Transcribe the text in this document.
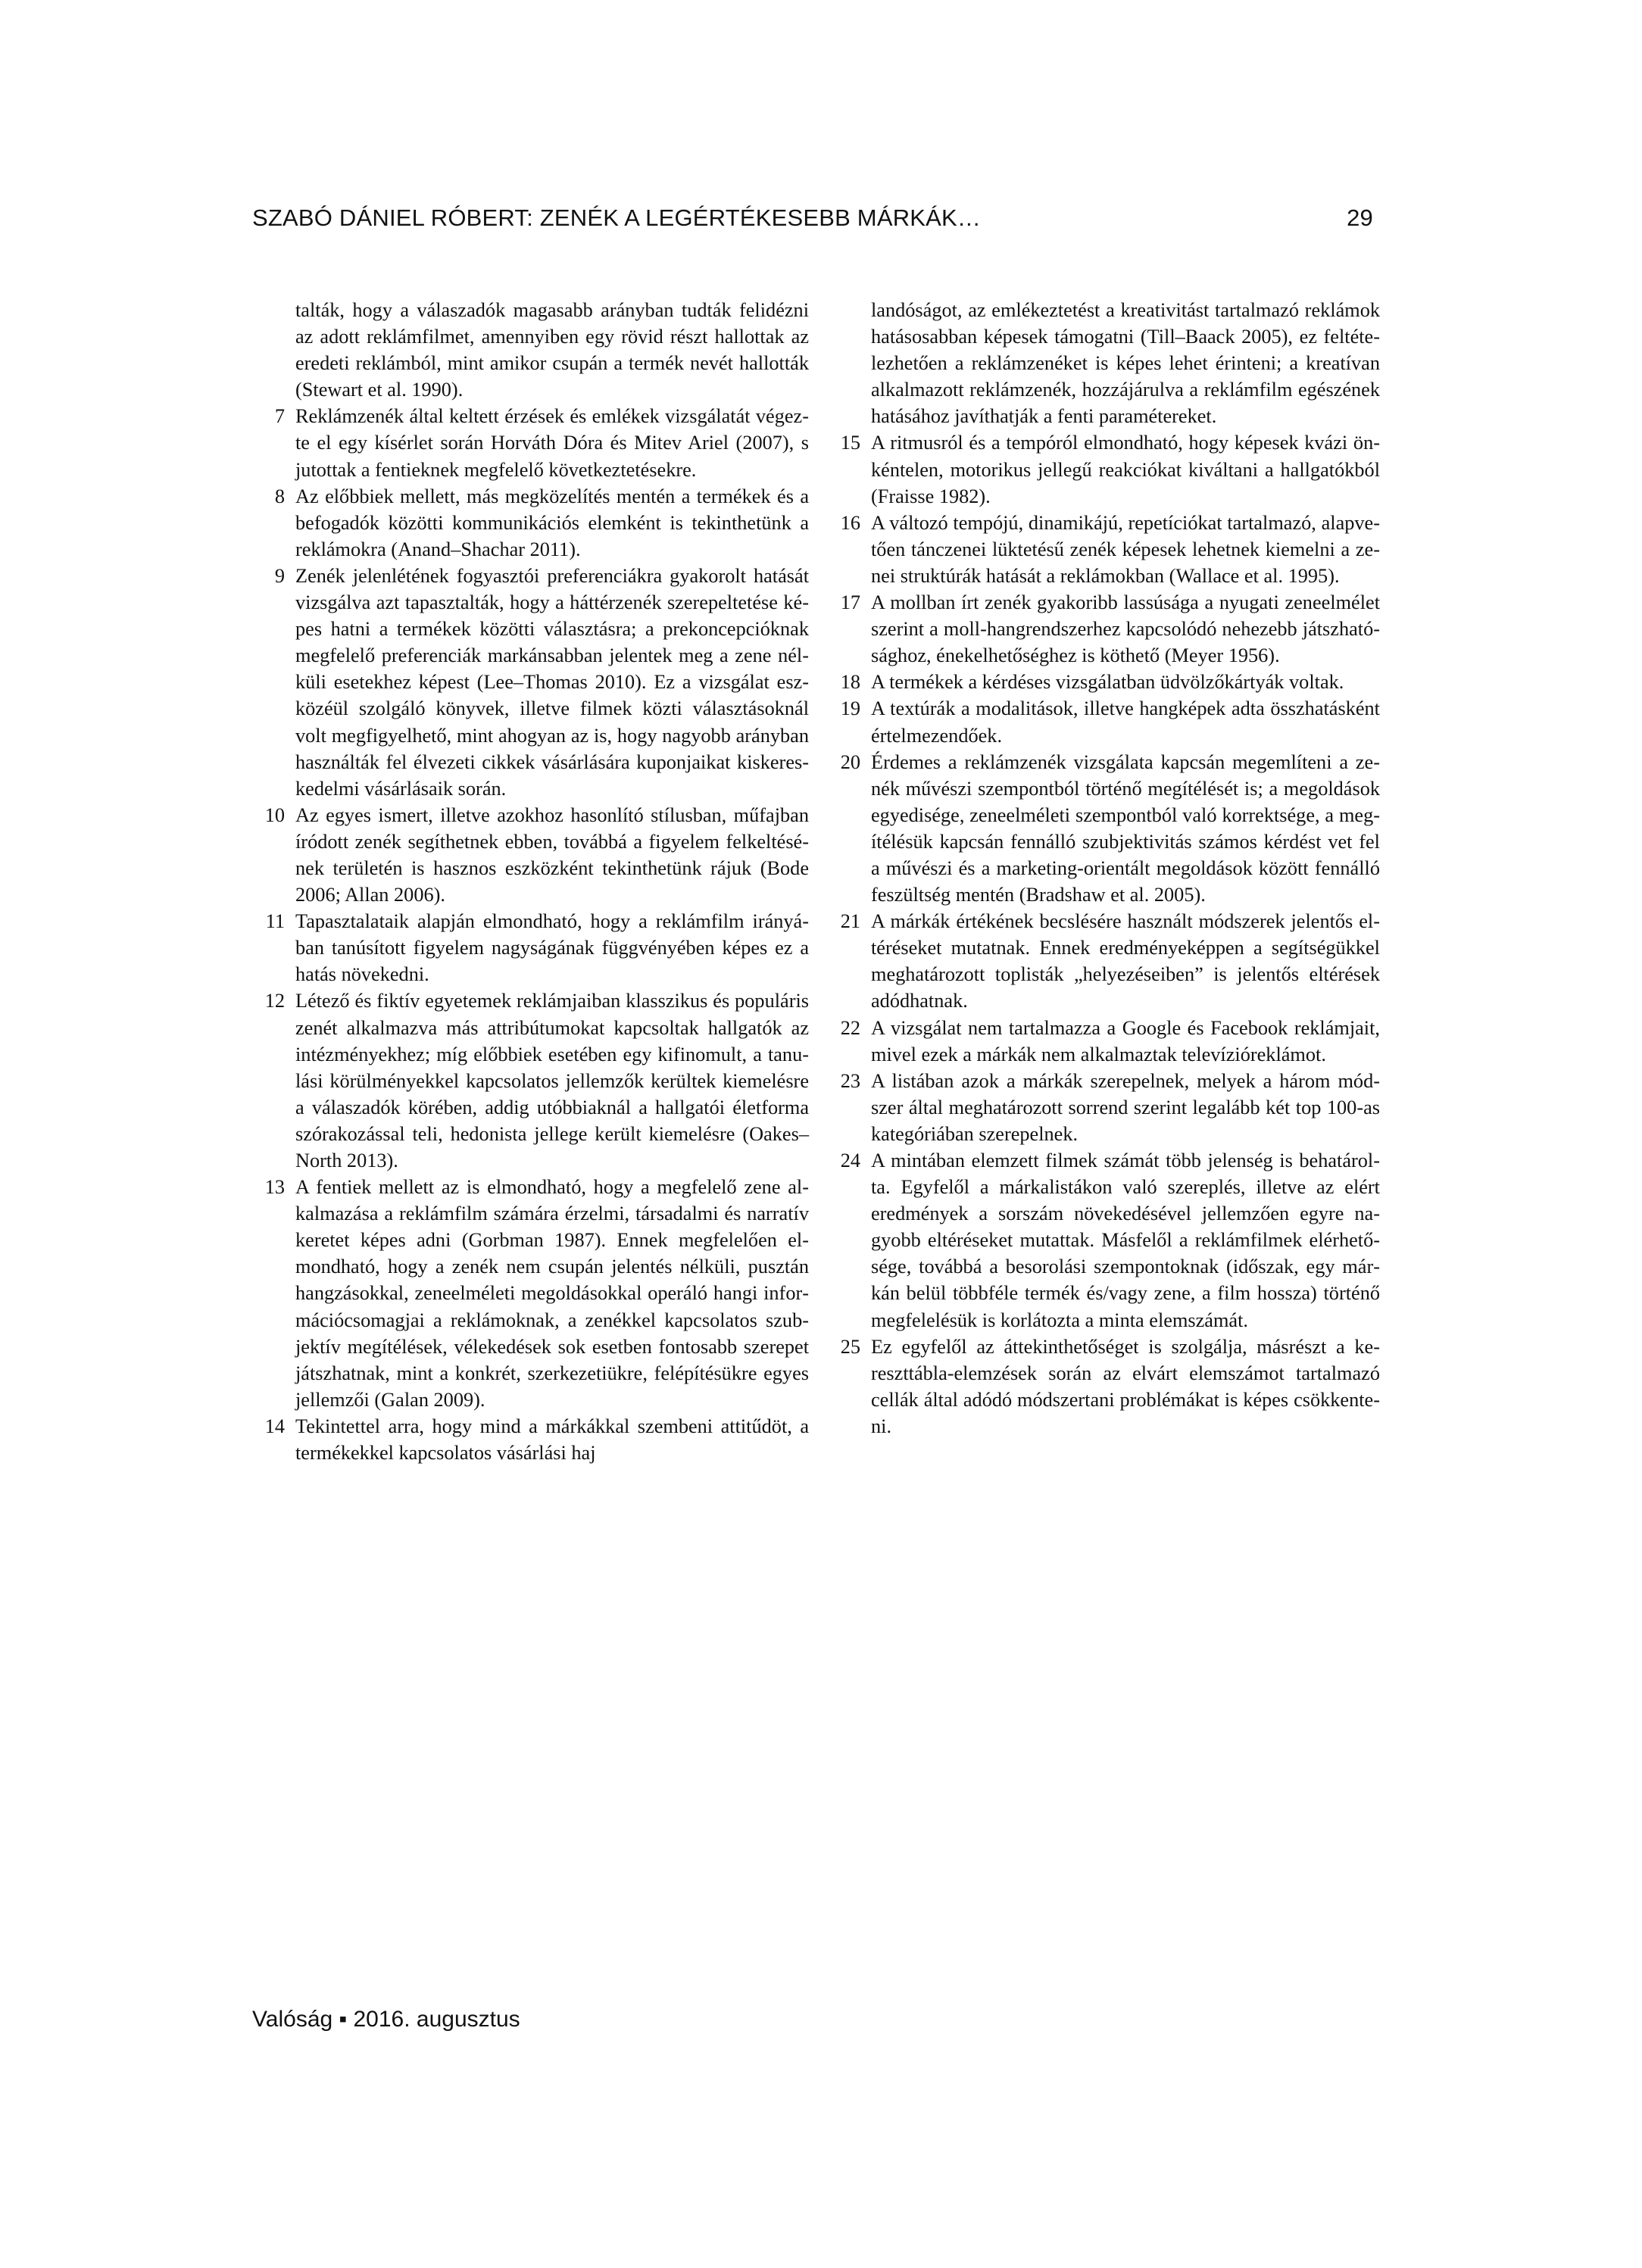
SZABÓ DÁNIEL RÓBERT: ZENÉK A LEGÉRTÉKESEBB MÁRKÁK…	29

talták, hogy a válaszadók magasabb arányban tudták felidézni az adott reklámfilmet, amennyiben egy rövid részt hallottak az eredeti reklámból, mint amikor csupán a termék nevét hallották (Stewart et al. 1990).

7 Reklámzenék által keltett érzések és emlékek vizsgálatát végezte el egy kísérlet során Horváth Dóra és Mitev Ariel (2007), s jutottak a fentieknek megfelelő következtetésekre.

8 Az előbbiek mellett, más megközelítés mentén a termékek és a befogadók közötti kommunikációs elemként is tekinthetünk a reklámokra (Anand–Shachar 2011).

9 Zenék jelenlétének fogyasztói preferenciákra gyakorolt hatását vizsgálva azt tapasztalták, hogy a háttérzenék szerepeltetése képes hatni a termékek közötti választásra; a prekoncepcióknak megfelelő preferenciák markánsabban jelentek meg a zene nélküli esetekhez képest (Lee–Thomas 2010). Ez a vizsgálat eszközéül szolgáló könyvek, illetve filmek közti választásoknál volt megfigyelhető, mint ahogyan az is, hogy nagyobb arányban használták fel élvezeti cikkek vásárlására kuponjaikat kiskereskedelmi vásárlásaik során.

10 Az egyes ismert, illetve azokhoz hasonlító stílusban, műfajban íródott zenék segíthetnek ebben, továbbá a figyelem felkeltésének területén is hasznos eszközként tekinthetünk rájuk (Bode 2006; Allan 2006).

11 Tapasztalataik alapján elmondható, hogy a reklámfilm irányában tanúsított figyelem nagyságának függvényében képes ez a hatás növekedni.

12 Létező és fiktív egyetemek reklámjaiban klasszikus és populáris zenét alkalmazva más attribútumokat kapcsoltak hallgatók az intézményekhez; míg előbbiek esetében egy kifinomult, a tanulási körülményekkel kapcsolatos jellemzők kerültek kiemelésre a válaszadók körében, addig utóbbiaknál a hallgatói életforma szórakozással teli, hedonista jellege került kiemelésre (Oakes–North 2013).

13 A fentiek mellett az is elmondható, hogy a megfelelő zene alkalmazása a reklámfilm számára érzelmi, társadalmi és narratív keretet képes adni (Gorbman 1987). Ennek megfelelően elmondható, hogy a zenék nem csupán jelentés nélküli, pusztán hangzásokkal, zeneelméleti megoldásokkal operáló hangi információcsomagjai a reklámoknak, a zenékkel kapcsolatos szubjektív megítélések, vélekedések sok esetben fontosabb szerepet játszhatnak, mint a konkrét, szerkezetiükre, felépítésükre egyes jellemzői (Galan 2009).

14 Tekintettel arra, hogy mind a márkákkal szembeni attitűdöt, a termékekkel kapcsolatos vásárlási haj

landóságot, az emlékeztetést a kreativitást tartalmazó reklámok hatásosabban képesek támogatni (Till–Baack 2005), ez feltételezhetően a reklámzenéket is képes lehet érinteni; a kreatívan alkalmazott reklámzenék, hozzájárulva a reklámfilm egészének hatásához javíthatják a fenti paramétereket.

15 A ritmusról és a tempóról elmondható, hogy képesek kvázi önkéntelen, motorikus jellegű reakciókat kiváltani a hallgatókból (Fraisse 1982).

16 A változó tempójú, dinamikájú, repetíciókat tartalmazó, alapvetően tánczenei lüktetésű zenék képesek lehetnek kiemelni a zenei struktúrák hatását a reklámokban (Wallace et al. 1995).

17 A mollban írt zenék gyakoribb lassúsága a nyugati zeneelmélet szerint a moll-hangrendszerhez kapcsolódó nehezebb játszhatósághoz, énekelhetőséghez is köthető (Meyer 1956).

18 A termékek a kérdéses vizsgálatban üdvölzőkártyák voltak.

19 A textúrák a modalitások, illetve hangképek adta összhatásként értelmezendőek.

20 Érdemes a reklámzenék vizsgálata kapcsán megemlíteni a zenék művészi szempontból történő megítélését is; a megoldások egyedisége, zeneelméleti szempontból való korrektsége, a megítélésük kapcsán fennálló szubjektivitás számos kérdést vet fel a művészi és a marketing-orientált megoldások között fennálló feszültség mentén (Bradshaw et al. 2005).

21 A márkák értékének becslésére használt módszerek jelentős eltéréseket mutatnak. Ennek eredményeképpen a segítségükkel meghatározott toplisták „helyezéseiben” is jelentős eltérések adódhatnak.

22 A vizsgálat nem tartalmazza a Google és Facebook reklámjait, mivel ezek a márkák nem alkalmaztak televízióreklámot.

23 A listában azok a márkák szerepelnek, melyek a három módszer által meghatározott sorrend szerint legalább két top 100-as kategóriában szerepelnek.

24 A mintában elemzett filmek számát több jelenség is behatárolta. Egyfelől a márkalistákon való szereplés, illetve az elért eredmények a sorszám növekedésével jellemzően egyre nagyobb eltéréseket mutattak. Másfelől a reklámfilmek elérhetősége, továbbá a besorolási szempontoknak (időszak, egy márkán belül többféle termék és/vagy zene, a film hossza) történő megfelelésük is korlátozta a minta elemszámát.

25 Ez egyfelől az áttekinthetőséget is szolgálja, másrészt a kereszttábla-elemzések során az elvárt elemszámot tartalmazó cellák által adódó módszertani problémákat is képes csökkenteni.

Valóság ▪ 2016. augusztus
